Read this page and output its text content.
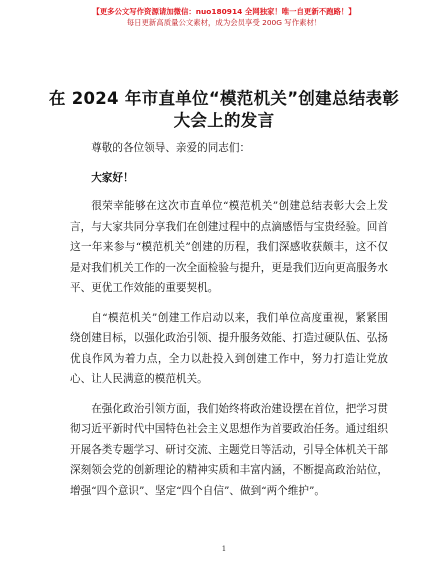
【更多公文写作资源请加微信：nuo180914 全网独家！唯一自更新不跑路！】
每日更新高质量公文素材，成为会员享受 200G 写作素材！
在 2024 年市直单位“模范机关”创建总结表彰
大会上的发言

尊敬的各位领导、亲爱的同志们：

大家好！

很荣幸能够在这次市直单位“模范机关”创建总结表彰大会上发言，与大家共同分享我们在创建过程中的点滴感悟与宝贵经验。回首这一年来参与“模范机关”创建的历程，我们深感收获颇丰，这不仅是对我们机关工作的一次全面检验与提升，更是我们迈向更高服务水平、更优工作效能的重要契机。

自“模范机关”创建工作启动以来，我们单位高度重视，紧紧围绕创建目标，以强化政治引领、提升服务效能、打造过硬队伍、弘扬优良作风为着力点，全力以赴投入到创建工作中，努力打造让党放心、让人民满意的模范机关。

在强化政治引领方面，我们始终将政治建设摆在首位，把学习贯彻习近平新时代中国特色社会主义思想作为首要政治任务。通过组织开展各类专题学习、研讨交流、主题党日等活动，引导全体机关干部深刻领会党的创新理论的精神实质和丰富内涵，不断提高政治站位，增强“四个意识”、坚定“四个自信”、做到“两个维护”。

1
